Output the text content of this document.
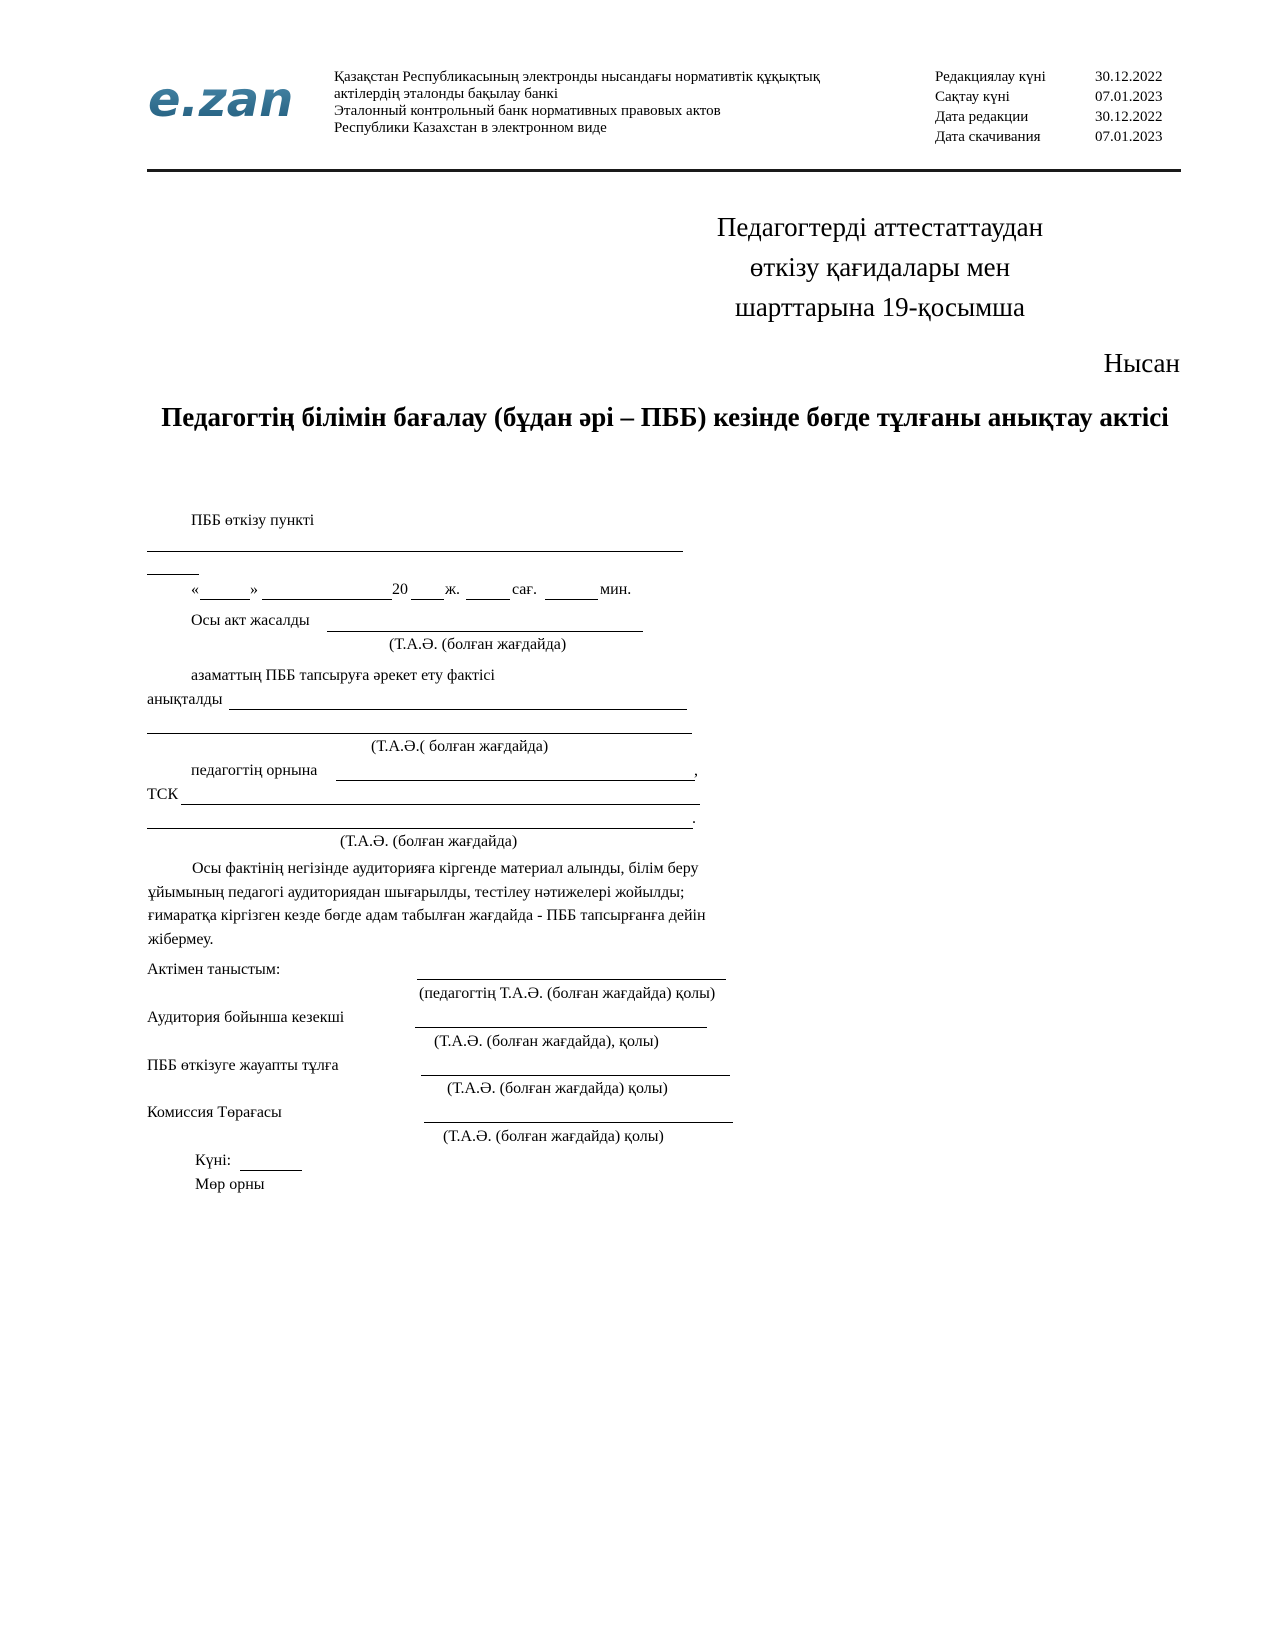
e.zan	Қазақстан Республикасының электронды нысандағы нормативтік құқықтық
актілердің эталонды бақылау банкі
Эталонный контрольный банк нормативных правовых актов
Республики Казахстан в электронном виде
Редакциялау күні	30.12.2022
Сақтау күні	07.01.2023
Дата редакции	30.12.2022
Дата скачивания	07.01.2023
Педагогтерді аттестаттаудан
өткізу қағидалары мен
шарттарына 19-қосымша
Нысан
Педагогтің білімін бағалау (бұдан әрі – ПББ) кезінде бөгде тұлғаны анықтау актісі
ПББ өткізу пункті
«	»	20 ж.	сағ.	мин.
Осы акт жасалды
(Т.А.Ә. (болған жағдайда)
азаматтың ПББ тапсыруға әрекет ету фактісі
анықталды
(Т.А.Ә.( болған жағдайда)
педагогтің орнына	,
ТСК
.
(Т.А.Ә. (болған жағдайда)
Осы фактінің негізінде аудиторияға кіргенде материал алынды, білім беру ұйымының педагогі аудиториядан шығарылды, тестілеу нәтижелері жойылды; ғимаратқа кіргізген кезде бөгде адам табылған жағдайда - ПББ тапсырғанға дейін жібермеу.
Актімен таныстым:
(педагогтің Т.А.Ә. (болған жағдайда) қолы)
Аудитория бойынша кезекші
(Т.А.Ә. (болған жағдайда), қолы)
ПББ өткізуге жауапты тұлға
(Т.А.Ә. (болған жағдайда) қолы)
Комиссия Төрағасы
(Т.А.Ә. (болған жағдайда) қолы)
Күні:
Мөр орны
